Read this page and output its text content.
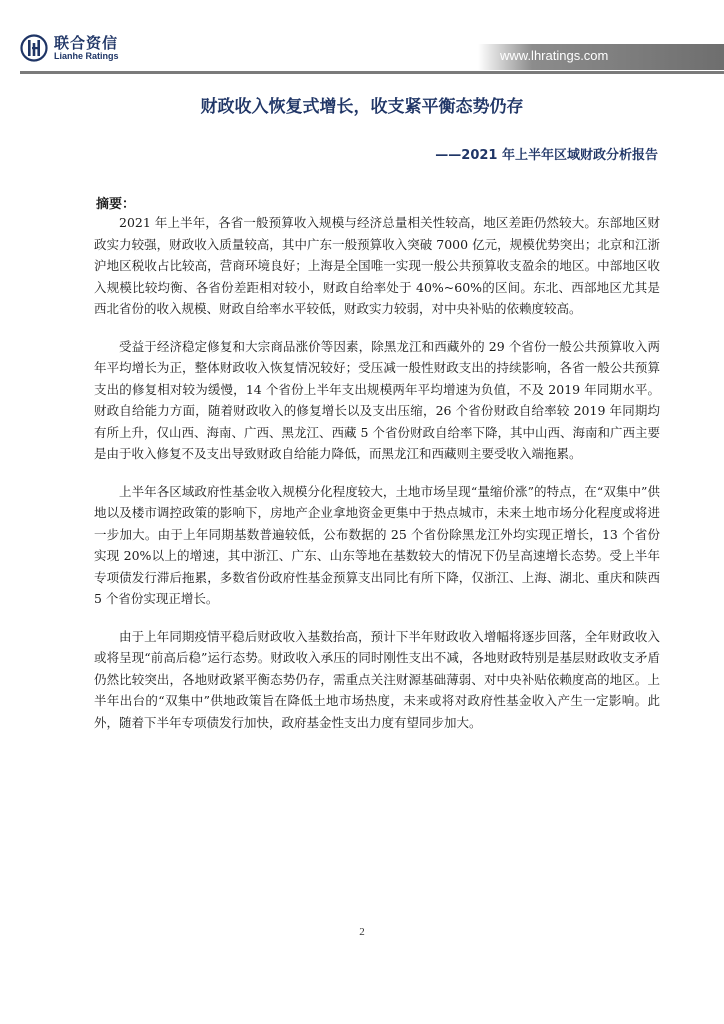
联合资信
Lianhe Ratings	www.lhratings.com
财政收入恢复式增长，收支紧平衡态势仍存
——2021 年上半年区域财政分析报告
摘要：

2021 年上半年，各省一般预算收入规模与经济总量相关性较高，地区差距仍然较大。东部地区财政实力较强，财政收入质量较高，其中广东一般预算收入突破 7000 亿元，规模优势突出；北京和江浙沪地区税收占比较高，营商环境良好；上海是全国唯一实现一般公共预算收支盈余的地区。中部地区收入规模比较均衡、各省份差距相对较小，财政自给率处于 40%~60%的区间。东北、西部地区尤其是西北省份的收入规模、财政自给率水平较低，财政实力较弱，对中央补贴的依赖度较高。

受益于经济稳定修复和大宗商品涨价等因素，除黑龙江和西藏外的 29 个省份一般公共预算收入两年平均增长为正，整体财政收入恢复情况较好；受压减一般性财政支出的持续影响，各省一般公共预算支出的修复相对较为缓慢，14 个省份上半年支出规模两年平均增速为负值，不及 2019 年同期水平。财政自给能力方面，随着财政收入的修复增长以及支出压缩，26 个省份财政自给率较 2019 年同期均有所上升，仅山西、海南、广西、黑龙江、西藏 5 个省份财政自给率下降，其中山西、海南和广西主要是由于收入修复不及支出导致财政自给能力降低，而黑龙江和西藏则主要受收入端拖累。

上半年各区域政府性基金收入规模分化程度较大，土地市场呈现“量缩价涨”的特点，在“双集中”供地以及楼市调控政策的影响下，房地产企业拿地资金更集中于热点城市，未来土地市场分化程度或将进一步加大。由于上年同期基数普遍较低，公布数据的 25 个省份除黑龙江外均实现正增长，13 个省份实现 20%以上的增速，其中浙江、广东、山东等地在基数较大的情况下仍呈高速增长态势。受上半年专项债发行滞后拖累，多数省份政府性基金预算支出同比有所下降，仅浙江、上海、湖北、重庆和陕西 5 个省份实现正增长。

由于上年同期疫情平稳后财政收入基数抬高，预计下半年财政收入增幅将逐步回落，全年财政收入或将呈现“前高后稳”运行态势。财政收入承压的同时刚性支出不减，各地财政特别是基层财政收支矛盾仍然比较突出，各地财政紧平衡态势仍存，需重点关注财源基础薄弱、对中央补贴依赖度高的地区。上半年出台的“双集中”供地政策旨在降低土地市场热度，未来或将对政府性基金收入产生一定影响。此外，随着下半年专项债发行加快，政府基金性支出力度有望同步加大。

2
